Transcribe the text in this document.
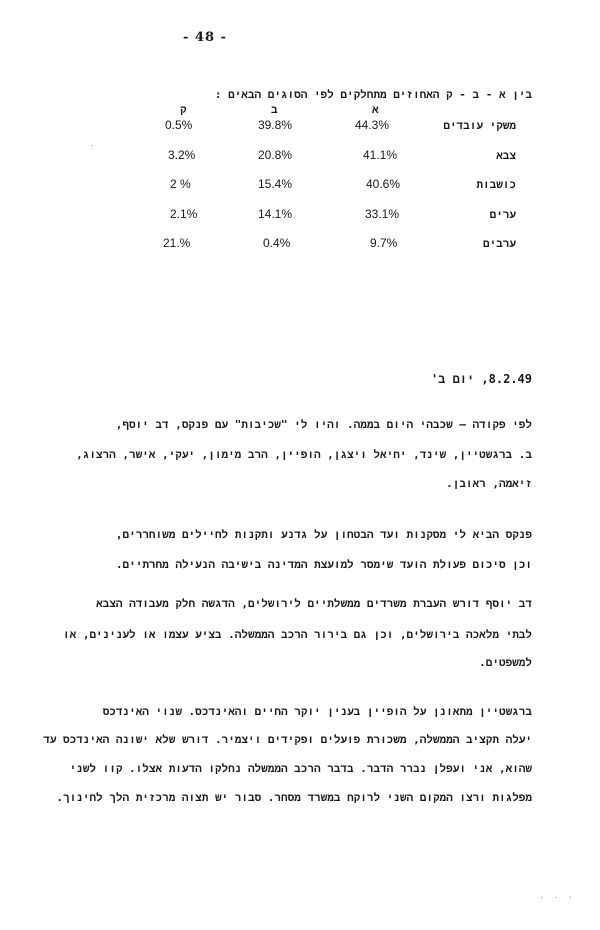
- 48 -
בין א - ב - ק האחוזים מתחלקים לפי הסוגים הבאים :
א
ב
ק
משקי עובדים
44.3%
39.8%
0.5%
צבא
41.1%
20.8%
3.2%
כושבות
40.6%
15.4%
2 %
ערים
33.1%
14.1%
2.1%
ערבים
9.7%
0.4%
21.%
8.2.49, יום ב'
לפי פקודה – שכבהי היום בממה. והיו לי "שכיבות" עם פנקס, דב יוסף,
ב. ברגשטיין, שינד, יחיאל ויצגן, הופיין, הרב מימון, יעקי, אישר, הרצוג,
זיאמה, ראובן.
פנקס הביא לי מסקנות ועד הבטחון על גדנע ותקנות לחיילים משוחררים,
וכן סיכום פעולת הועד שימסר למועצת המדינה בישיבה הנעילה מחרתיים.
דב יוסף דורש העברת משרדים ממשלתיים לירושלים, הדגשה חלק מעבודה הצבא
לבתי מלאכה בירושלים, וכן גם בירור הרכב הממשלה. בציע עצמו או לענינים, או
למשפטים.
ברגשטיין מתאונן על הופיין בענין יוקר החיים והאינדכס. שנוי האינדכס
יעלה תקציב הממשלה, משכורת פועלים ופקידים ויצמיר. דורש שלא ישונה האינדכס עד
שהוא, אני ועפלן נברר הדבר. בדבר הרכב הממשלה נחלקו הדעות אצלו. קוו לשני
מפלגות ורצו המקום השני לרוקח במשרד מסחר. סבור יש תצוה מרכזית הלך לחינוך.
·
· · ·
